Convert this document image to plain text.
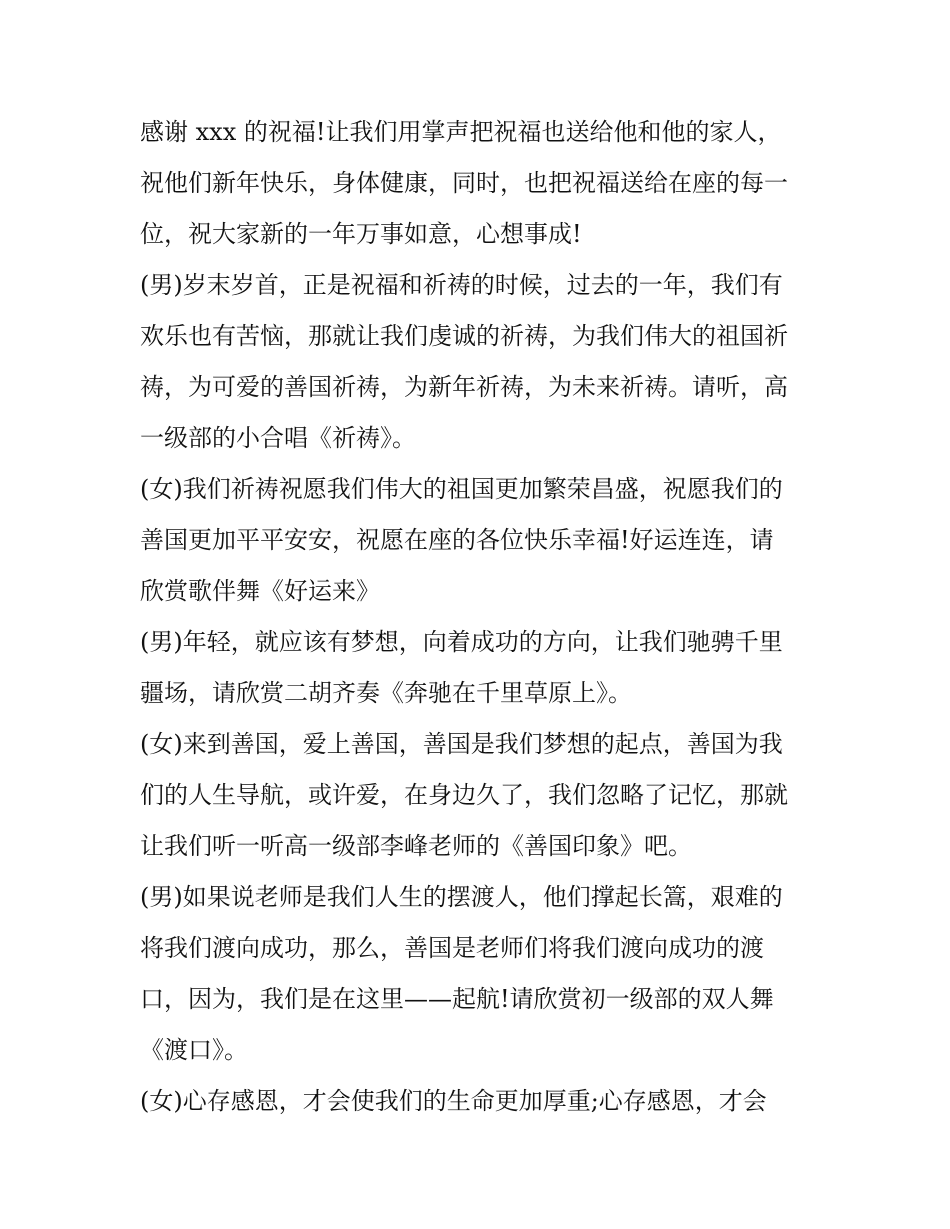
感谢 xxx 的祝福!让我们用掌声把祝福也送给他和他的家人，
祝他们新年快乐，身体健康，同时，也把祝福送给在座的每一
位，祝大家新的一年万事如意，心想事成!
(男)岁末岁首，正是祝福和祈祷的时候，过去的一年，我们有
欢乐也有苦恼，那就让我们虔诚的祈祷，为我们伟大的祖国祈
祷，为可爱的善国祈祷，为新年祈祷，为未来祈祷。请听，高
一级部的小合唱《祈祷》。
(女)我们祈祷祝愿我们伟大的祖国更加繁荣昌盛，祝愿我们的
善国更加平平安安，祝愿在座的各位快乐幸福!好运连连，请
欣赏歌伴舞《好运来》
(男)年轻，就应该有梦想，向着成功的方向，让我们驰骋千里
疆场，请欣赏二胡齐奏《奔驰在千里草原上》。
(女)来到善国，爱上善国，善国是我们梦想的起点，善国为我
们的人生导航，或许爱，在身边久了，我们忽略了记忆，那就
让我们听一听高一级部李峰老师的《善国印象》吧。
(男)如果说老师是我们人生的摆渡人，他们撑起长篙，艰难的
将我们渡向成功，那么，善国是老师们将我们渡向成功的渡
口，因为，我们是在这里——起航!请欣赏初一级部的双人舞
《渡口》。
(女)心存感恩，才会使我们的生命更加厚重;心存感恩，才会
